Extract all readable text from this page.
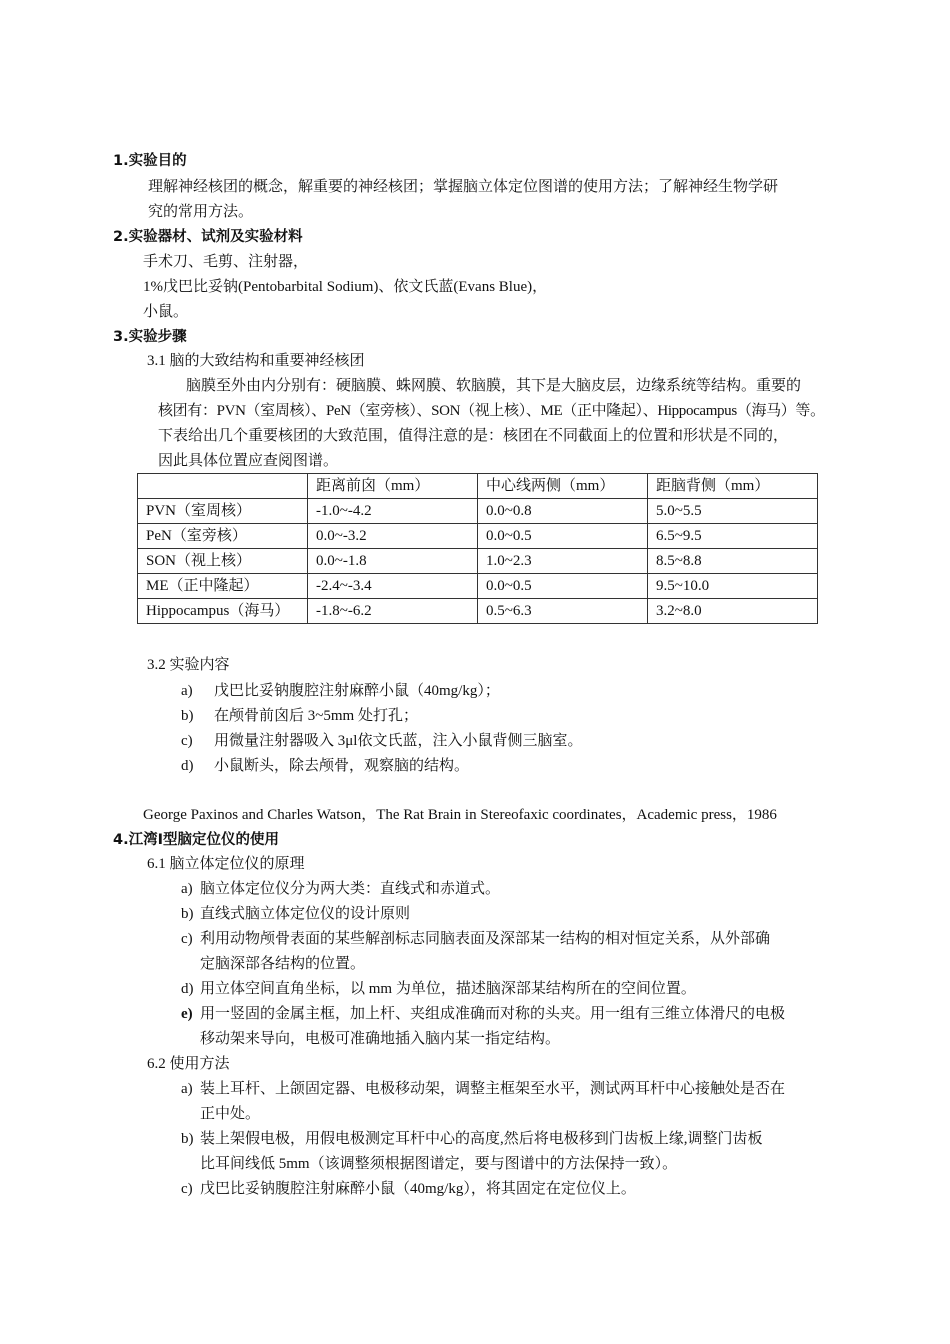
1.实验目的
理解神经核团的概念，解重要的神经核团；掌握脑立体定位图谱的使用方法；了解神经生物学研
究的常用方法。
2.实验器材、试剂及实验材料
手术刀、毛剪、注射器，
1%戊巴比妥钠(Pentobarbital Sodium)、依文氏蓝(Evans Blue)，
小鼠。
3.实验步骤
3.1 脑的大致结构和重要神经核团
脑膜至外由内分别有：硬脑膜、蛛网膜、软脑膜，其下是大脑皮层，边缘系统等结构。重要的
核团有：PVN（室周核）、PeN（室旁核）、SON（视上核）、ME（正中隆起）、Hippocampus（海马）等。
下表给出几个重要核团的大致范围，值得注意的是：核团在不同截面上的位置和形状是不同的，
因此具体位置应查阅图谱。
	距离前囟（mm）	中心线两侧（mm）	距脑背侧（mm）
PVN（室周核）	-1.0~-4.2	0.0~0.8	5.0~5.5
PeN（室旁核）	0.0~-3.2	0.0~0.5	6.5~9.5
SON（视上核）	0.0~-1.8	1.0~2.3	8.5~8.8
ME（正中隆起）	-2.4~-3.4	0.0~0.5	9.5~10.0
Hippocampus（海马）	-1.8~-6.2	0.5~6.3	3.2~8.0
3.2 实验内容
a) 戊巴比妥钠腹腔注射麻醉小鼠（40mg/kg）；
b) 在颅骨前囟后 3~5mm 处打孔；
c) 用微量注射器吸入 3μl依文氏蓝，注入小鼠背侧三脑室。
d) 小鼠断头，除去颅骨，观察脑的结构。
George Paxinos and Charles Watson，The Rat Brain in Stereofaxic coordinates，Academic press，1986
4.江湾Ⅰ型脑定位仪的使用
6.1 脑立体定位仪的原理
a) 脑立体定位仪分为两大类：直线式和赤道式。
b) 直线式脑立体定位仪的设计原则
c) 利用动物颅骨表面的某些解剖标志同脑表面及深部某一结构的相对恒定关系，从外部确
定脑深部各结构的位置。
d) 用立体空间直角坐标，以 mm 为单位，描述脑深部某结构所在的空间位置。
e) 用一竖固的金属主框，加上杆、夹组成准确而对称的头夹。用一组有三维立体滑尺的电极
移动架来导向，电极可准确地插入脑内某一指定结构。
6.2 使用方法
a) 装上耳杆、上颌固定器、电极移动架，调整主框架至水平，测试两耳杆中心接触处是否在
正中处。
b) 装上架假电极，用假电极测定耳杆中心的高度,然后将电极移到门齿板上缘,调整门齿板
比耳间线低 5mm（该调整须根据图谱定，要与图谱中的方法保持一致）。
c) 戊巴比妥钠腹腔注射麻醉小鼠（40mg/kg），将其固定在定位仪上。
